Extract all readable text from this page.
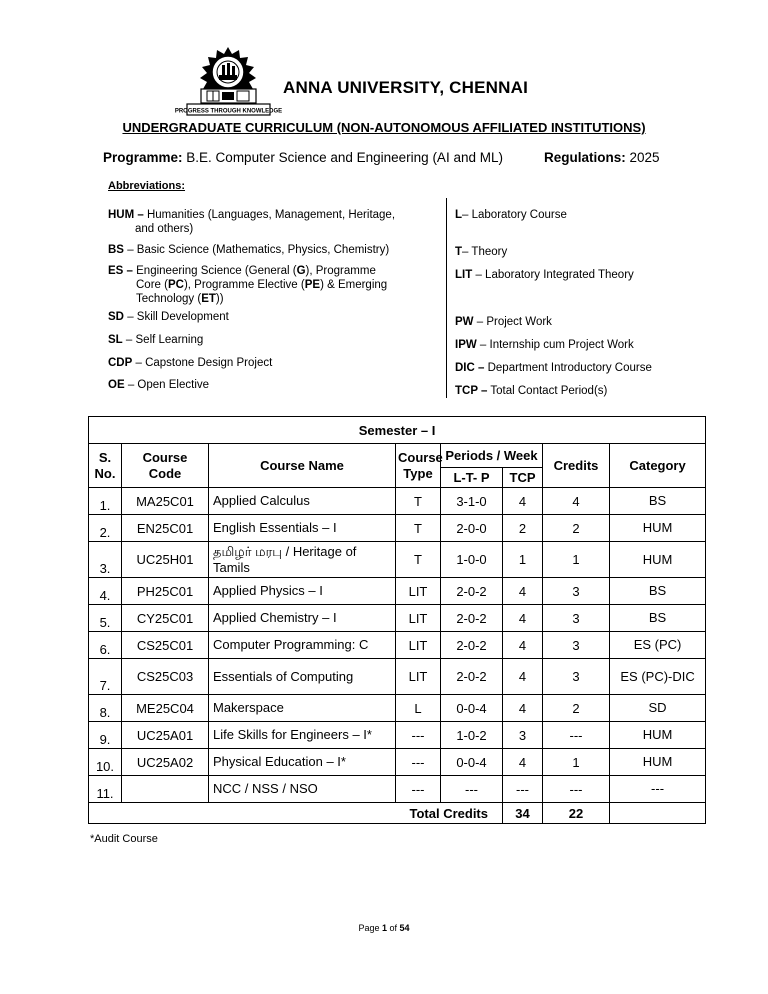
PROGRESS THROUGH KNOWLEDGE
ANNA UNIVERSITY, CHENNAI
UNDERGRADUATE CURRICULUM (NON-AUTONOMOUS AFFILIATED INSTITUTIONS)
Programme: B.E. Computer Science and Engineering (AI and ML)	Regulations: 2025
Abbreviations:
HUM – Humanities (Languages, Management, Heritage,
and others)
BS – Basic Science (Mathematics, Physics, Chemistry)
ES – Engineering Science (General (G), Programme
Core (PC), Programme Elective (PE) & Emerging
Technology (ET))
SD – Skill Development
SL – Self Learning
CDP – Capstone Design Project
OE – Open Elective
L– Laboratory Course
T– Theory
LIT – Laboratory Integrated Theory
PW – Project Work
IPW – Internship cum Project Work
DIC – Department Introductory Course
TCP – Total Contact Period(s)
Semester – I							
S.
No.	Course
Code	Course Name	Course
Type	Periods / Week		Credits	Category
				L-T- P	TCP		
1.	MA25C01	Applied Calculus	T	3-1-0	4	4	BS
2.	EN25C01	English Essentials – I	T	2-0-0	2	2	HUM
3.	UC25H01	தமிழர் மரபு / Heritage of Tamils	T	1-0-0	1	1	HUM
4.	PH25C01	Applied Physics – I	LIT	2-0-2	4	3	BS
5.	CY25C01	Applied Chemistry – I	LIT	2-0-2	4	3	BS
6.	CS25C01	Computer Programming: C	LIT	2-0-2	4	3	ES (PC)
7.	CS25C03	Essentials of Computing	LIT	2-0-2	4	3	ES (PC)-DIC
8.	ME25C04	Makerspace	L	0-0-4	4	2	SD
9.	UC25A01	Life Skills for Engineers – I*	---	1-0-2	3	---	HUM
10.	UC25A02	Physical Education – I*	---	0-0-4	4	1	HUM
11.		NCC / NSS / NSO	---	---	---	---	---
Total Credits					34	22	
*Audit Course
Page 1 of 54
